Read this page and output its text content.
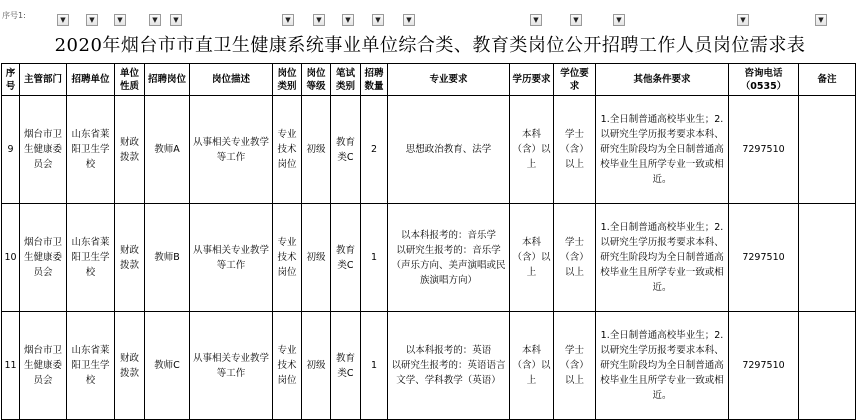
序号1:	▼	▼	▼	▼	▼	▼	▼	▼	▼	▼	▼	▼	▼	▼	▼
2020年烟台市市直卫生健康系统事业单位综合类、教育类岗位公开招聘工作人员岗位需求表
序号	主管部门	招聘单位	单位性质	招聘岗位	岗位描述	岗位类别	岗位等级	笔试类别	招聘数量	专业要求	学历要求	学位要求	其他条件要求	咨询电话
（0535）	备注
9	烟台市卫生健康委员会	山东省莱阳卫生学校	财政拨款	教师A	从事相关专业教学等工作	专业技术岗位	初级	教育类C	2	思想政治教育、法学	本科（含）以上	学士（含）以上	1.全日制普通高校毕业生；2.以研究生学历报考要求本科、研究生阶段均为全日制普通高校毕业生且所学专业一致或相近。	7297510	
10	烟台市卫生健康委员会	山东省莱阳卫生学校	财政拨款	教师B	从事相关专业教学等工作	专业技术岗位	初级	教育类C	1	以本科报考的：音乐学
以研究生报考的：音乐学（声乐方向、美声演唱或民族演唱方向）	本科（含）以上	学士（含）以上	1.全日制普通高校毕业生；2.以研究生学历报考要求本科、研究生阶段均为全日制普通高校毕业生且所学专业一致或相近。	7297510	
11	烟台市卫生健康委员会	山东省莱阳卫生学校	财政拨款	教师C	从事相关专业教学等工作	专业技术岗位	初级	教育类C	1	以本科报考的：英语
以研究生报考的：英语语言文学、学科教学（英语）	本科（含）以上	学士（含）以上	1.全日制普通高校毕业生；2.以研究生学历报考要求本科、研究生阶段均为全日制普通高校毕业生且所学专业一致或相近。	7297510	
